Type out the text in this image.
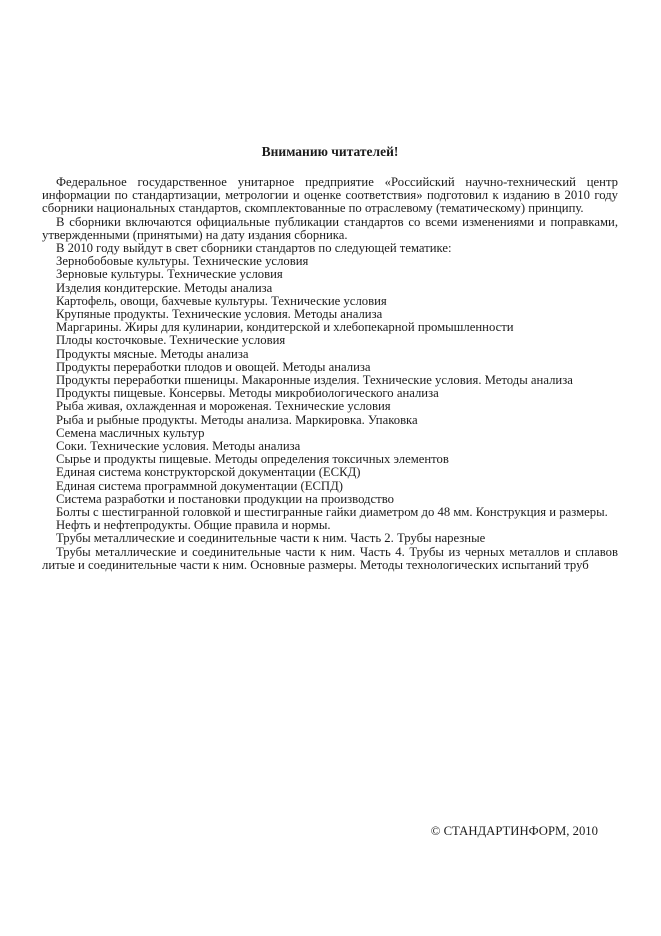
Вниманию читателей!

Федеральное государственное унитарное предприятие «Российский научно-технический центр информации по стандартизации, метрологии и оценке соответствия» подготовил к изданию в 2010 году сборники национальных стандартов, скомплектованные по отраслевому (тематическому) принципу.

В сборники включаются официальные публикации стандартов со всеми изменениями и поправками, утвержденными (принятыми) на дату издания сборника.

В 2010 году выйдут в свет сборники стандартов по следующей тематике:

Зернобобовые культуры. Технические условия

Зерновые культуры. Технические условия

Изделия кондитерские. Методы анализа

Картофель, овощи, бахчевые культуры. Технические условия

Крупяные продукты. Технические условия. Методы анализа

Маргарины. Жиры для кулинарии, кондитерской и хлебопекарной промышленности

Плоды косточковые. Технические условия

Продукты мясные. Методы анализа

Продукты переработки плодов и овощей. Методы анализа

Продукты переработки пшеницы. Макаронные изделия. Технические условия. Методы анализа

Продукты пищевые. Консервы. Методы микробиологического анализа

Рыба живая, охлажденная и мороженая. Технические условия

Рыба и рыбные продукты. Методы анализа. Маркировка. Упаковка

Семена масличных культур

Соки. Технические условия. Методы анализа

Сырье и продукты пищевые. Методы определения токсичных элементов

Единая система конструкторской документации (ЕСКД)

Единая система программной документации (ЕСПД)

Система разработки и постановки продукции на производство

Болты с шестигранной головкой и шестигранные гайки диаметром до 48 мм. Конструкция и размеры.

Нефть и нефтепродукты. Общие правила и нормы.

Трубы металлические и соединительные части к ним. Часть 2. Трубы нарезные

Трубы металлические и соединительные части к ним. Часть 4. Трубы из черных металлов и сплавов литые и соединительные части к ним. Основные размеры. Методы технологических испытаний труб

© СТАНДАРТИНФОРМ, 2010
